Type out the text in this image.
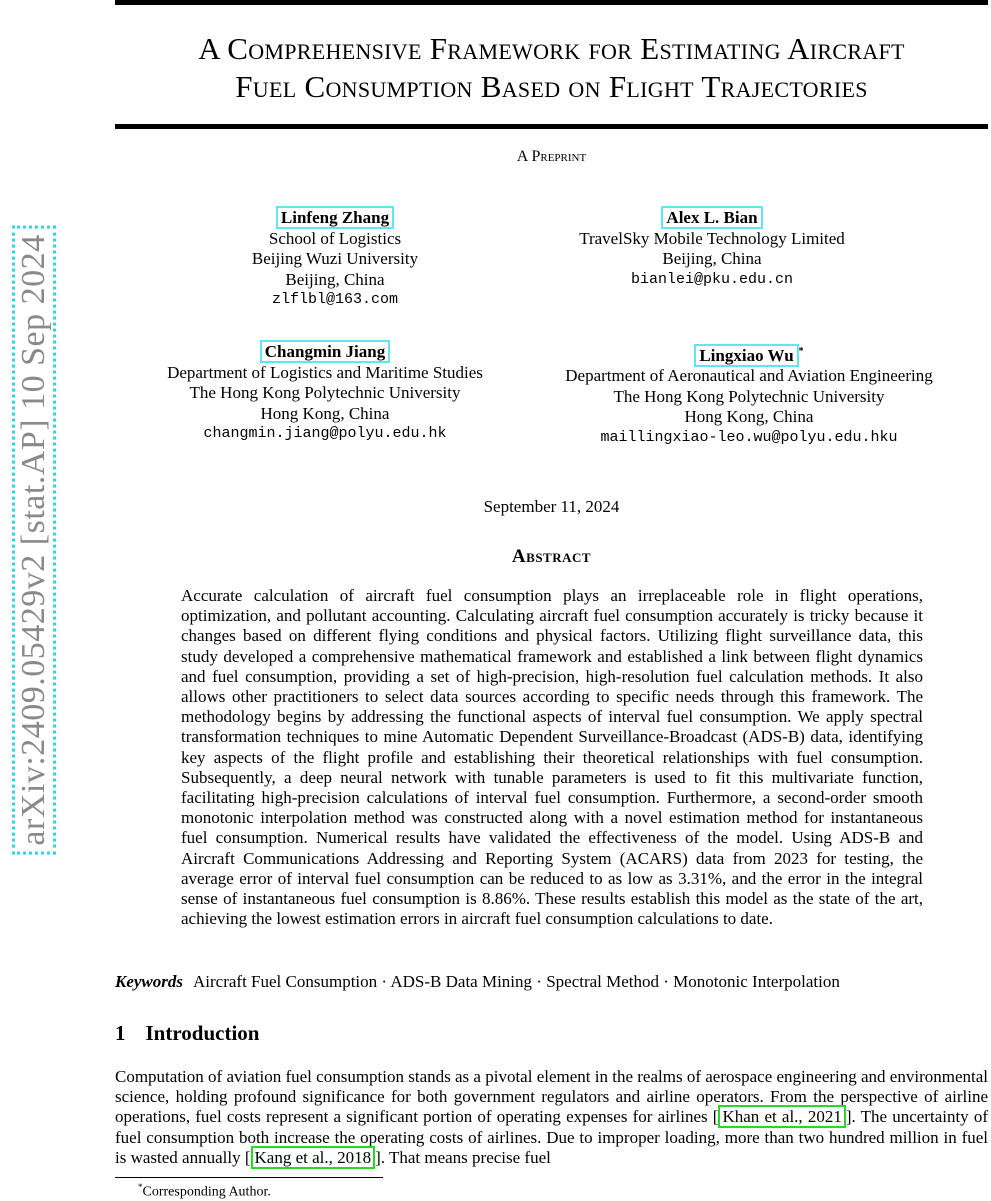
arXiv:2409.05429v2 [stat.AP] 10 Sep 2024
A Comprehensive Framework for Estimating Aircraft
Fuel Consumption Based on Flight Trajectories
A Preprint
Linfeng Zhang
School of Logistics
Beijing Wuzi University
Beijing, China
zlflbl@163.com
Alex L. Bian
TravelSky Mobile Technology Limited
Beijing, China
bianlei@pku.edu.cn
Changmin Jiang
Department of Logistics and Maritime Studies
The Hong Kong Polytechnic University
Hong Kong, China
changmin.jiang@polyu.edu.hk
Lingxiao Wu *
Department of Aeronautical and Aviation Engineering
The Hong Kong Polytechnic University
Hong Kong, China
maillingxiao-leo.wu@polyu.edu.hku
September 11, 2024
Abstract
Accurate calculation of aircraft fuel consumption plays an irreplaceable role in flight operations, optimization, and pollutant accounting. Calculating aircraft fuel consumption accurately is tricky because it changes based on different flying conditions and physical factors. Utilizing flight surveillance data, this study developed a comprehensive mathematical framework and established a link between flight dynamics and fuel consumption, providing a set of high-precision, high-resolution fuel calculation methods. It also allows other practitioners to select data sources according to specific needs through this framework. The methodology begins by addressing the functional aspects of interval fuel consumption. We apply spectral transformation techniques to mine Automatic Dependent Surveillance-Broadcast (ADS-B) data, identifying key aspects of the flight profile and establishing their theoretical relationships with fuel consumption. Subsequently, a deep neural network with tunable parameters is used to fit this multivariate function, facilitating high-precision calculations of interval fuel consumption. Furthermore, a second-order smooth monotonic interpolation method was constructed along with a novel estimation method for instantaneous fuel consumption. Numerical results have validated the effectiveness of the model. Using ADS-B and Aircraft Communications Addressing and Reporting System (ACARS) data from 2023 for testing, the average error of interval fuel consumption can be reduced to as low as 3.31%, and the error in the integral sense of instantaneous fuel consumption is 8.86%. These results establish this model as the state of the art, achieving the lowest estimation errors in aircraft fuel consumption calculations to date.
Keywords Aircraft Fuel Consumption · ADS-B Data Mining · Spectral Method · Monotonic Interpolation
1 Introduction
Computation of aviation fuel consumption stands as a pivotal element in the realms of aerospace engineering and environmental science, holding profound significance for both government regulators and airline operators. From the perspective of airline operations, fuel costs represent a significant portion of operating expenses for airlines [ Khan et al., 2021 ]. The uncertainty of fuel consumption both increase the operating costs of airlines. Due to improper loading, more than two hundred million in fuel is wasted annually [ Kang et al., 2018 ]. That means precise fuel
*Corresponding Author.
